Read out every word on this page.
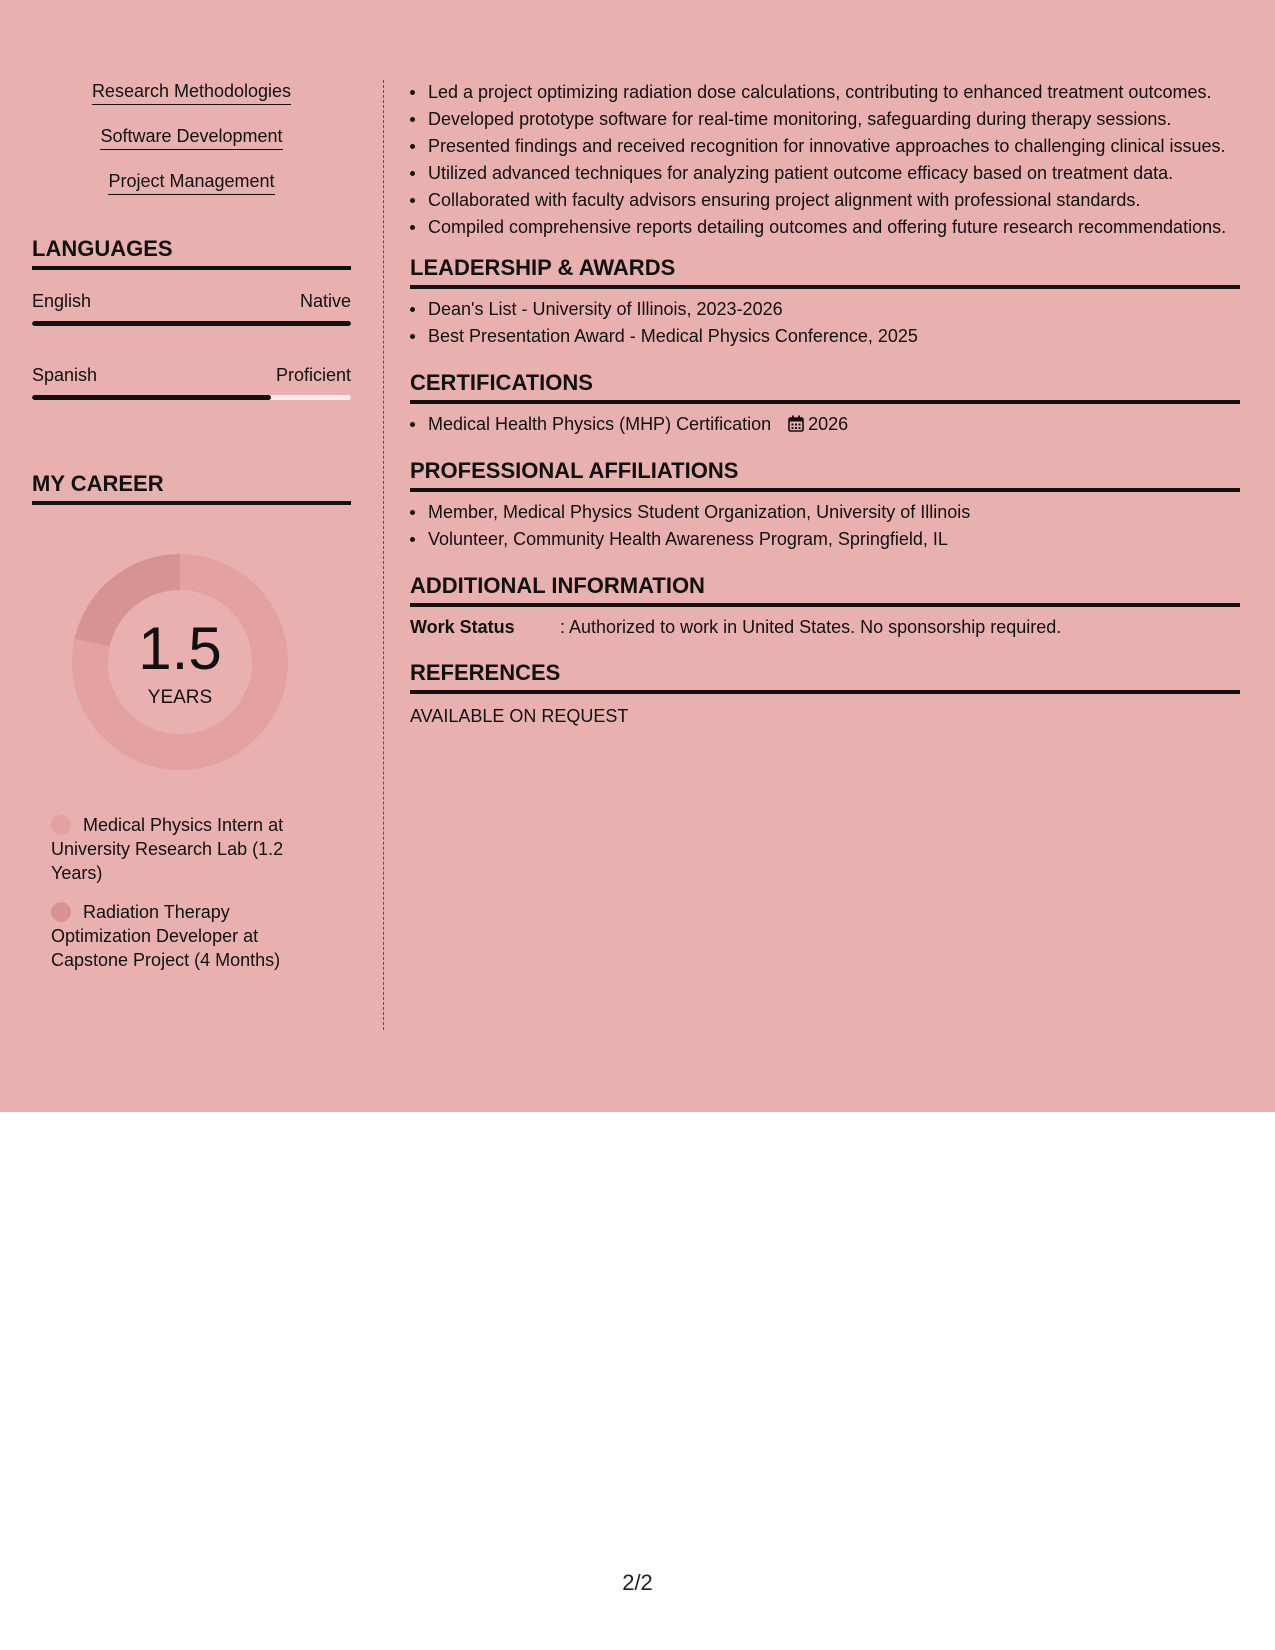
Research Methodologies
Software Development
Project Management
LANGUAGES
English	Native
Spanish	Proficient
MY CAREER
1.5
YEARS
Medical Physics Intern at University Research Lab (1.2 Years)
Radiation Therapy Optimization Developer at Capstone Project (4 Months)
Led a project optimizing radiation dose calculations, contributing to enhanced treatment outcomes.
Developed prototype software for real-time monitoring, safeguarding during therapy sessions.
Presented findings and received recognition for innovative approaches to challenging clinical issues.
Utilized advanced techniques for analyzing patient outcome efficacy based on treatment data.
Collaborated with faculty advisors ensuring project alignment with professional standards.
Compiled comprehensive reports detailing outcomes and offering future research recommendations.
LEADERSHIP & AWARDS
Dean's List - University of Illinois, 2023-2026
Best Presentation Award - Medical Physics Conference, 2025
CERTIFICATIONS
Medical Health Physics (MHP) Certification 2026
PROFESSIONAL AFFILIATIONS
Member, Medical Physics Student Organization, University of Illinois
Volunteer, Community Health Awareness Program, Springfield, IL
ADDITIONAL INFORMATION
Work Status	: Authorized to work in United States. No sponsorship required.
REFERENCES
AVAILABLE ON REQUEST
2/2
